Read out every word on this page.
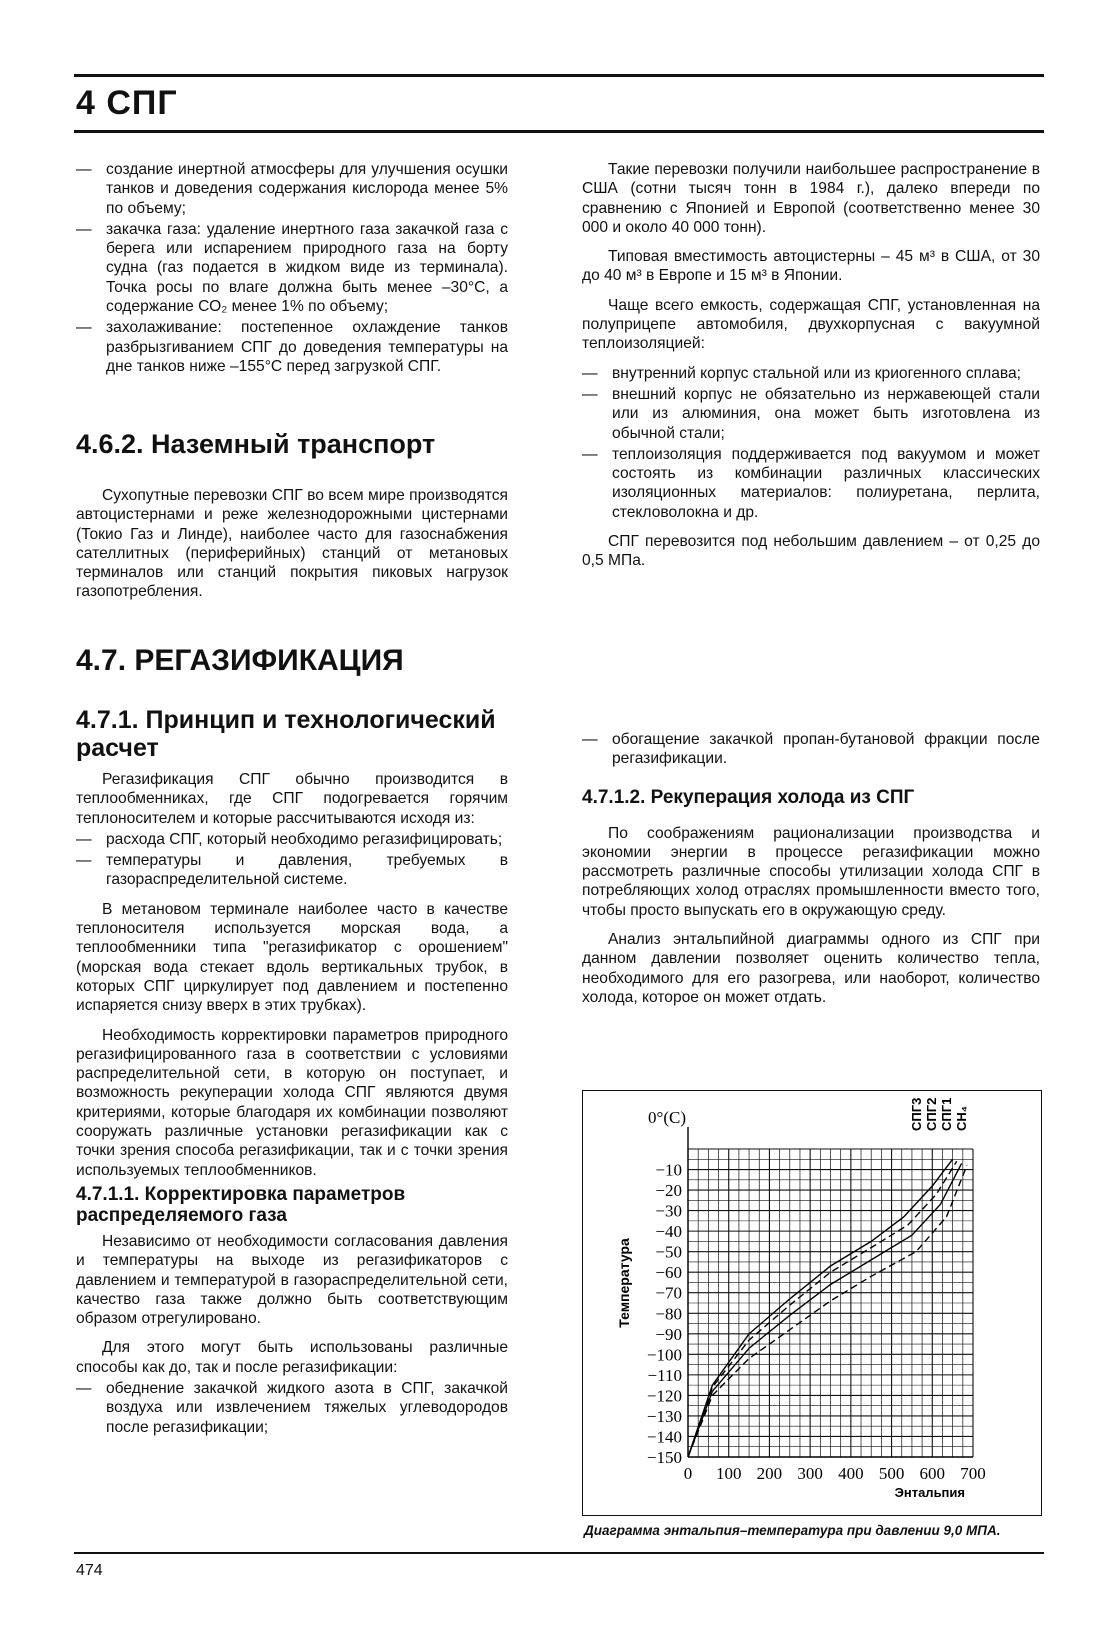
4 СПГ
— создание инертной атмосферы для улучшения осушки танков и доведения содержания кислорода менее 5% по объему;
— закачка газа: удаление инертного газа закачкой газа с берега или испарением природного газа на борту судна (газ подается в жидком виде из терминала). Точка росы по влаге должна быть менее –30°С, а содержание СО₂ менее 1% по объему;
— захолаживание: постепенное охлаждение танков разбрызгиванием СПГ до доведения температуры на дне танков ниже –155°С перед загрузкой СПГ.
4.6.2. Наземный транспорт

Сухопутные перевозки СПГ во всем мире производятся автоцистернами и реже железнодорожными цистернами (Токио Газ и Линде), наиболее часто для газоснабжения сателлитных (периферийных) станций от метановых терминалов или станций покрытия пиковых нагрузок газопотребления.

Такие перевозки получили наибольшее распространение в США (сотни тысяч тонн в 1984 г.), далеко впереди по сравнению с Японией и Европой (соответственно менее 30 000 и около 40 000 тонн).

Типовая вместимость автоцистерны – 45 м³ в США, от 30 до 40 м³ в Европе и 15 м³ в Японии.

Чаще всего емкость, содержащая СПГ, установленная на полуприцепе автомобиля, двухкорпусная с вакуумной теплоизоляцией:

— внутренний корпус стальной или из криогенного сплава;
— внешний корпус не обязательно из нержавеющей стали или из алюминия, она может быть изготовлена из обычной стали;
— теплоизоляция поддерживается под вакуумом и может состоять из комбинации различных классических изоляционных материалов: полиуретана, перлита, стекловолокна и др.

СПГ перевозится под небольшим давлением – от 0,25 до 0,5 МПа.

4.7. РЕГАЗИФИКАЦИЯ
4.7.1. Принцип и технологический расчет

Регазификация СПГ обычно производится в теплообменниках, где СПГ подогревается горячим теплоносителем и которые рассчитываются исходя из:

— расхода СПГ, который необходимо регазифицировать;
— температуры и давления, требуемых в газораспределительной системе.

В метановом терминале наиболее часто в качестве теплоносителя используется морская вода, а теплообменники типа "регазификатор с орошением" (морская вода стекает вдоль вертикальных трубок, в которых СПГ циркулирует под давлением и постепенно испаряется снизу вверх в этих трубках).

Необходимость корректировки параметров природного регазифицированного газа в соответствии с условиями распределительной сети, в которую он поступает, и возможность рекуперации холода СПГ являются двумя критериями, которые благодаря их комбинации позволяют сооружать различные установки регазификации как с точки зрения способа регазификации, так и с точки зрения используемых теплообменников.

4.7.1.1. Корректировка параметров распределяемого газа

Независимо от необходимости согласования давления и температуры на выходе из регазификаторов с давлением и температурой в газораспределительной сети, качество газа также должно быть соответствующим образом отрегулировано.

Для этого могут быть использованы различные способы как до, так и после регазификации:

— обеднение закачкой жидкого азота в СПГ, закачкой воздуха или извлечением тяжелых углеводородов после регазификации;
— обогащение закачкой пропан-бутановой фракции после регазификации.
4.7.1.2. Рекуперация холода из СПГ

По соображениям рационализации производства и экономии энергии в процессе регазификации можно рассмотреть различные способы утилизации холода СПГ в потребляющих холод отраслях промышленности вместо того, чтобы просто выпускать его в окружающую среду.

Анализ энтальпийной диаграммы одного из СПГ при данном давлении позволяет оценить количество тепла, необходимого для его разогрева, или наоборот, количество холода, которое он может отдать.

−10
−20
−30
−40
−50
−60
−70
−80
−90
−100
−110
−120
−130
−140
−150
0°(C)
0 100 200 300 400 500 600 700
Энтальпия
Температура
СПГ3 СПГ2 СПГ1 CH₄
Диаграмма энтальпия–температура при давлении 9,0 МПА.
474
